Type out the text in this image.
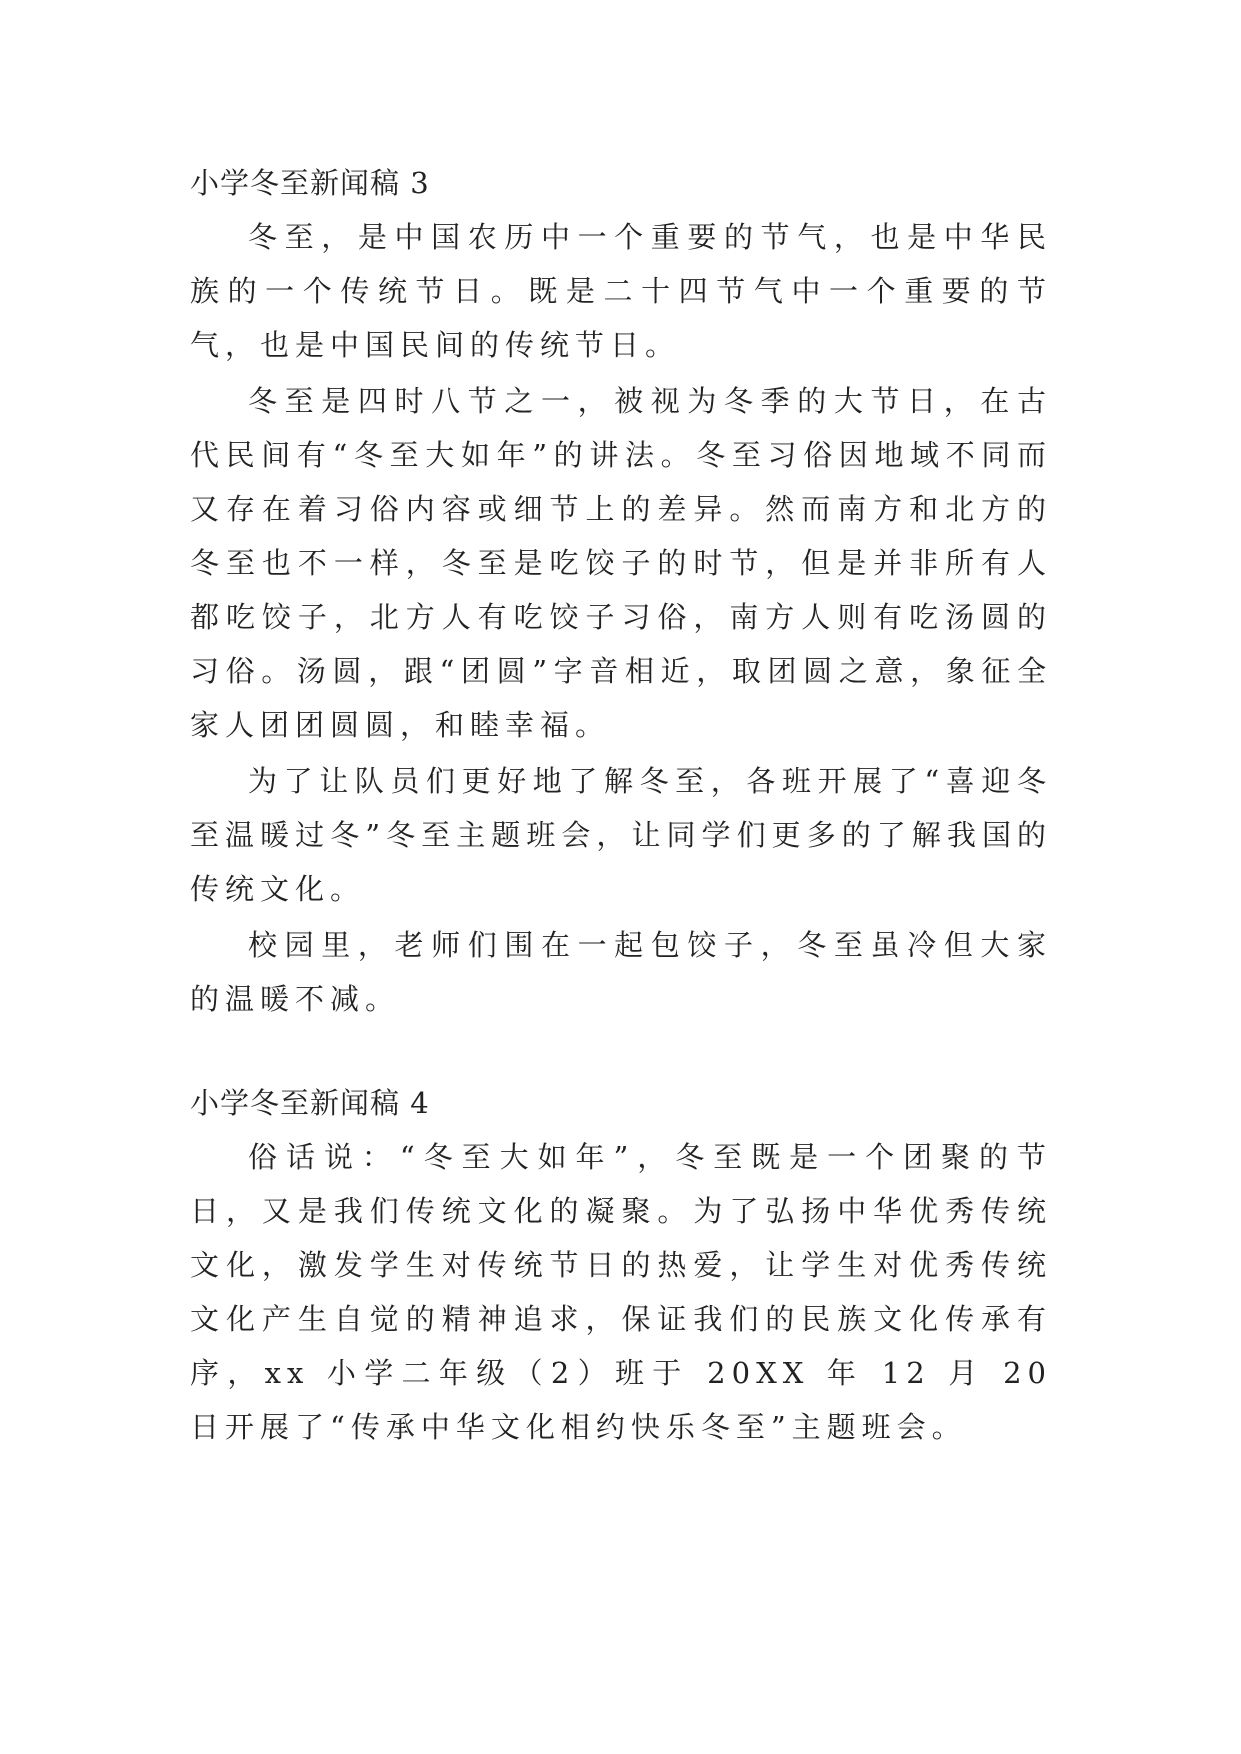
小学冬至新闻稿 3

冬至，是中国农历中一个重要的节气，也是中华民族的一个传统节日。既是二十四节气中一个重要的节气，也是中国民间的传统节日。

冬至是四时八节之一，被视为冬季的大节日，在古代民间有“冬至大如年”的讲法。冬至习俗因地域不同而又存在着习俗内容或细节上的差异。然而南方和北方的冬至也不一样，冬至是吃饺子的时节，但是并非所有人都吃饺子，北方人有吃饺子习俗，南方人则有吃汤圆的习俗。汤圆，跟“团圆”字音相近，取团圆之意，象征全家人团团圆圆，和睦幸福。

为了让队员们更好地了解冬至，各班开展了“喜迎冬至温暖过冬”冬至主题班会，让同学们更多的了解我国的传统文化。

校园里，老师们围在一起包饺子，冬至虽冷但大家的温暖不减。

小学冬至新闻稿 4

俗话说：“冬至大如年”，冬至既是一个团聚的节日，又是我们传统文化的凝聚。为了弘扬中华优秀传统文化，激发学生对传统节日的热爱，让学生对优秀传统文化产生自觉的精神追求，保证我们的民族文化传承有序，xx 小学二年级（2）班于 20XX 年 12 月 20 日开展了“传承中华文化相约快乐冬至”主题班会。
